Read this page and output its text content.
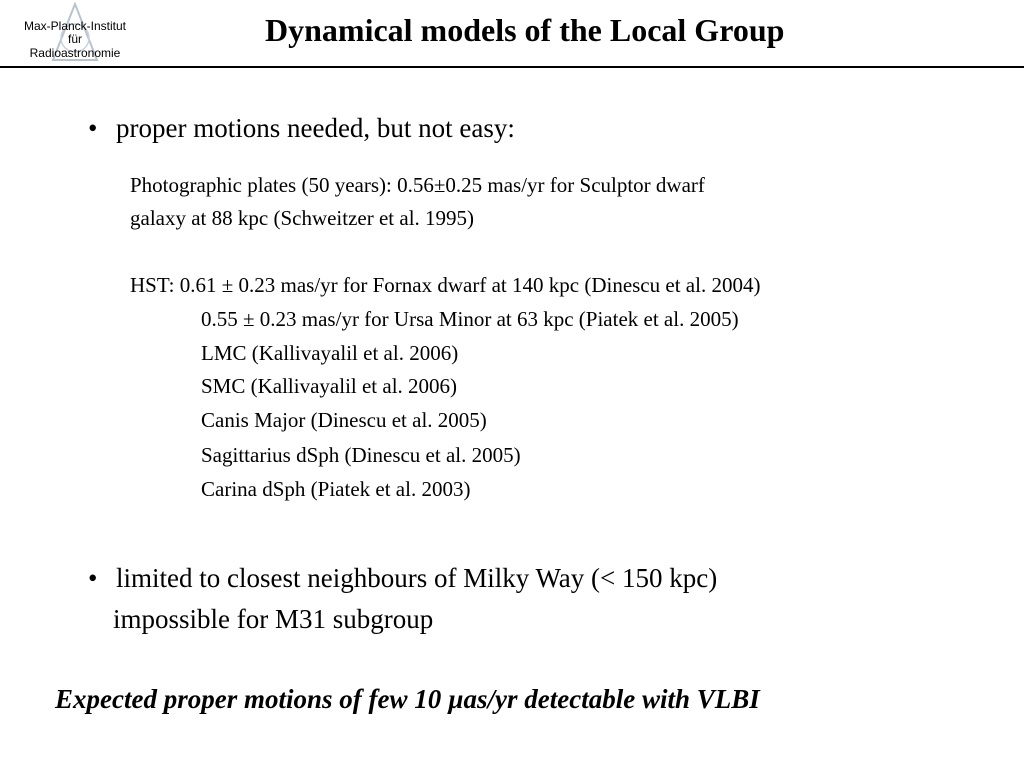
Max-Planck-Institut
für
Radioastronomie
Dynamical models of the Local Group
• proper motions needed, but not easy:
Photographic plates (50 years): 0.56±0.25 mas/yr for Sculptor dwarf
galaxy at 88 kpc (Schweitzer et al. 1995)
HST: 0.61 ± 0.23 mas/yr for Fornax dwarf at 140 kpc (Dinescu et al. 2004)
0.55 ± 0.23 mas/yr for Ursa Minor at 63 kpc (Piatek et al. 2005)
LMC (Kallivayalil et al. 2006)
SMC (Kallivayalil et al. 2006)
Canis Major (Dinescu et al. 2005)
Sagittarius dSph (Dinescu et al. 2005)
Carina dSph (Piatek et al. 2003)
• limited to closest neighbours of Milky Way (< 150 kpc)
impossible for M31 subgroup
Expected proper motions of few 10 µas/yr detectable with VLBI
